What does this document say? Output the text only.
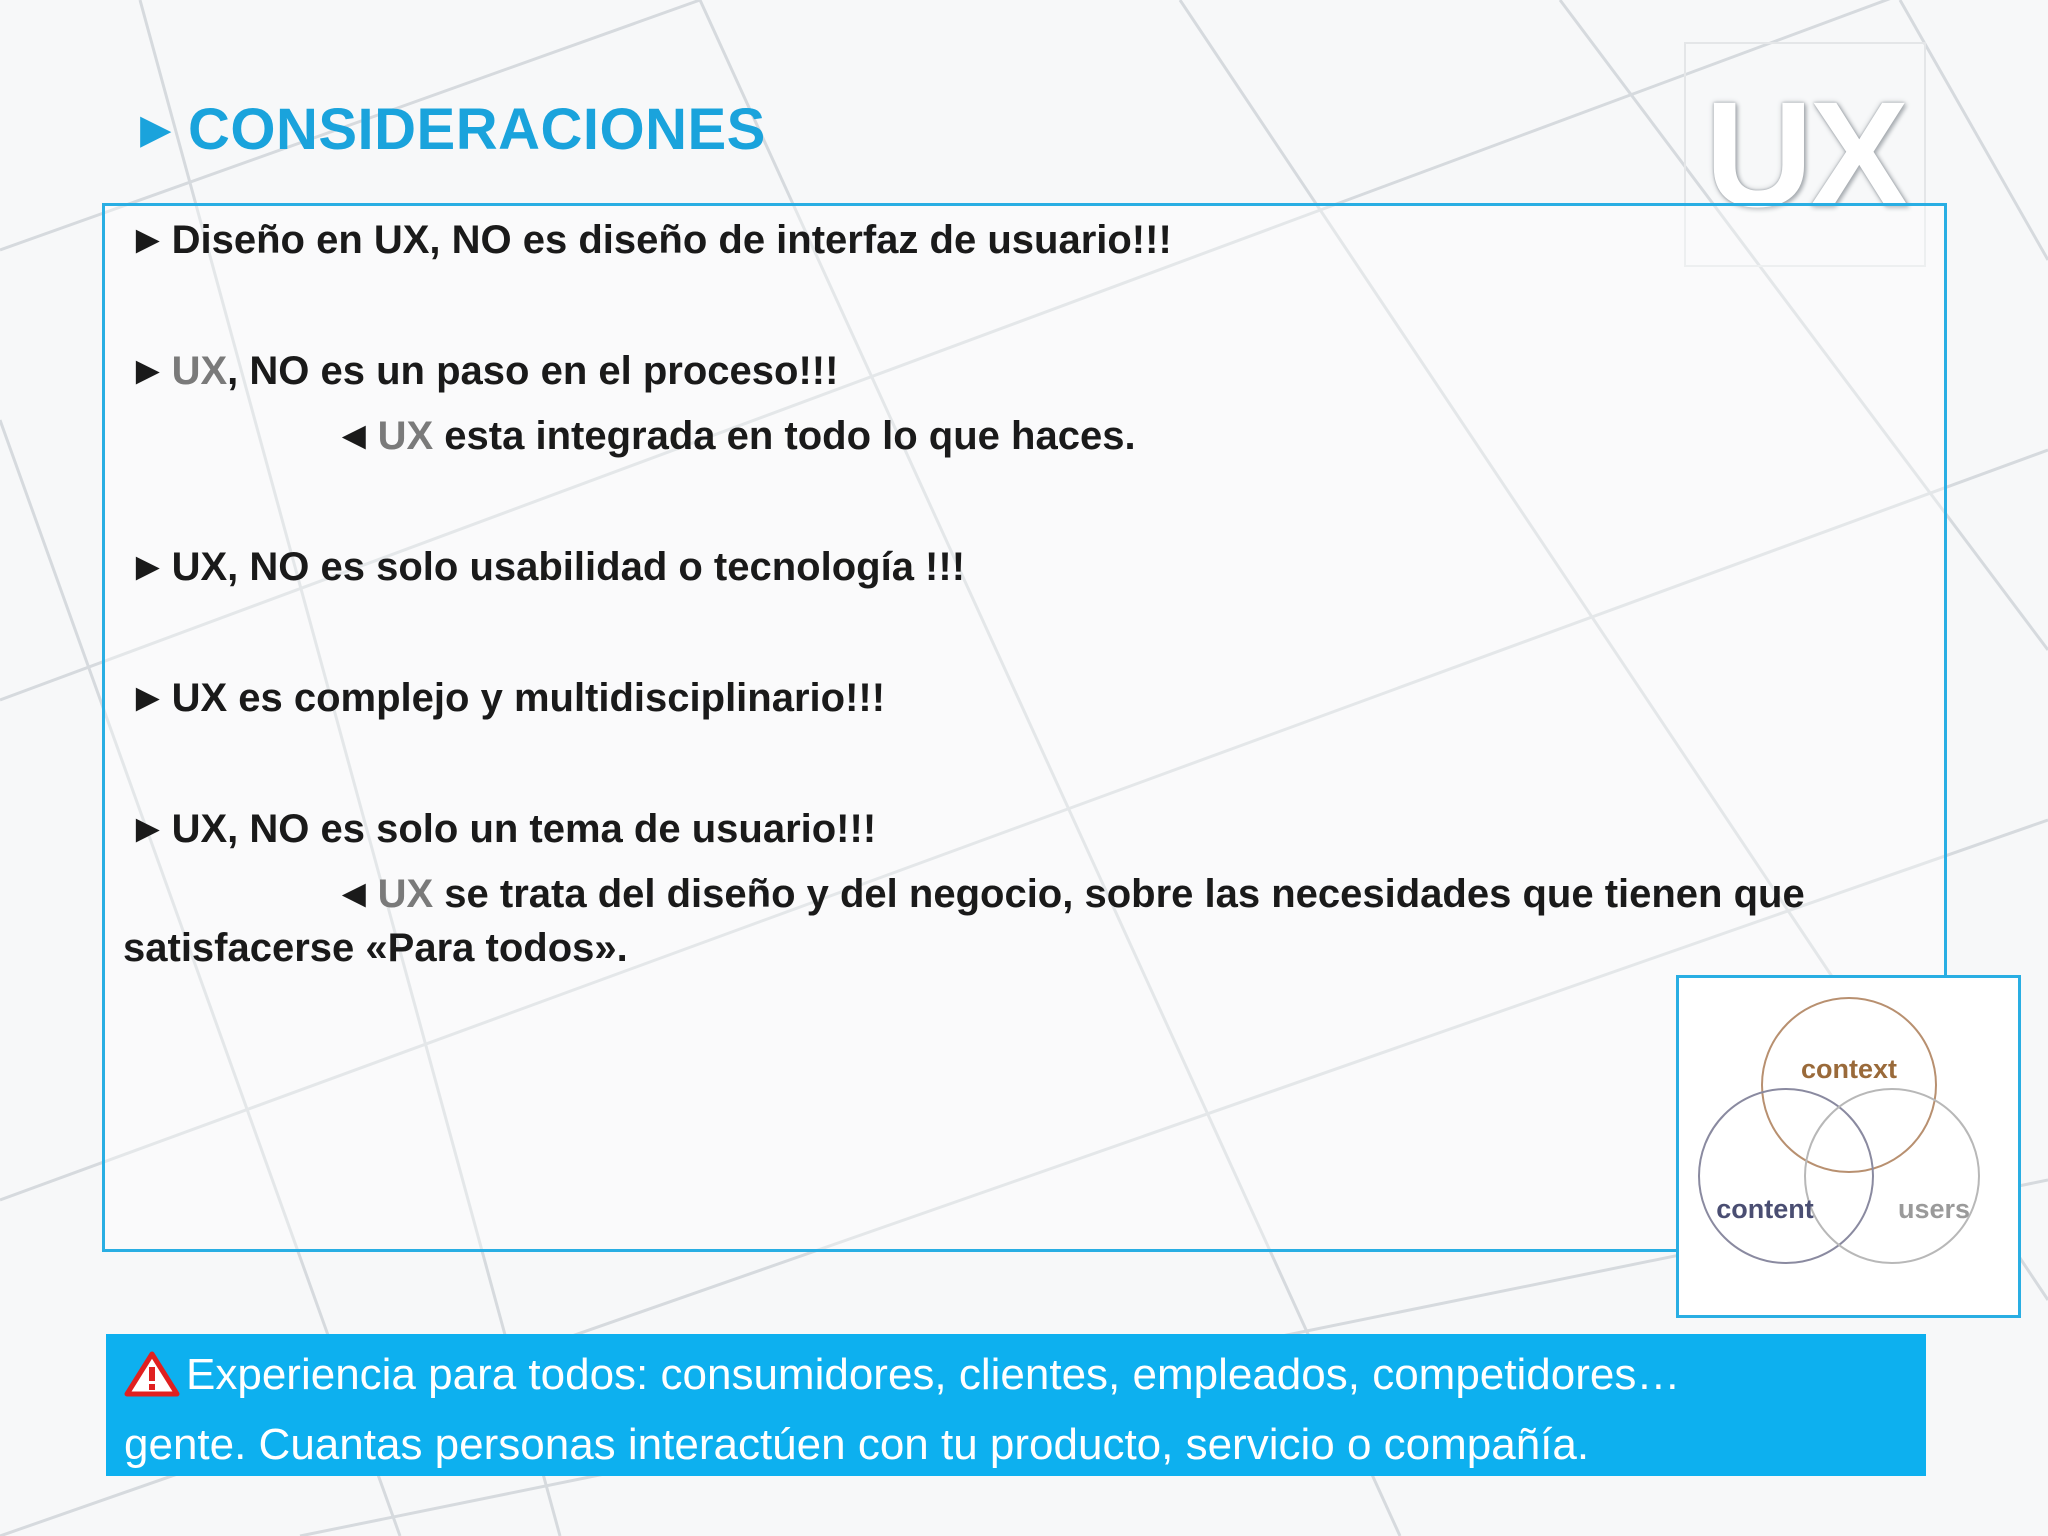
► CONSIDERACIONES	UX
► Diseño en UX, NO es diseño de interfaz de usuario!!!
► UX, NO es un paso en el proceso!!!
◄ UX esta integrada en todo lo que haces.
► UX, NO es solo usabilidad o tecnología !!!
► UX es complejo y multidisciplinario!!!
► UX, NO es solo un tema de usuario!!!
◄ UX se trata del diseño y del negocio, sobre las necesidades que tienen que
satisfacerse «Para todos».
context
content	users
Experiencia para todos: consumidores, clientes, empleados, competidores…
gente. Cuantas personas interactúen con tu producto, servicio o compañía.
